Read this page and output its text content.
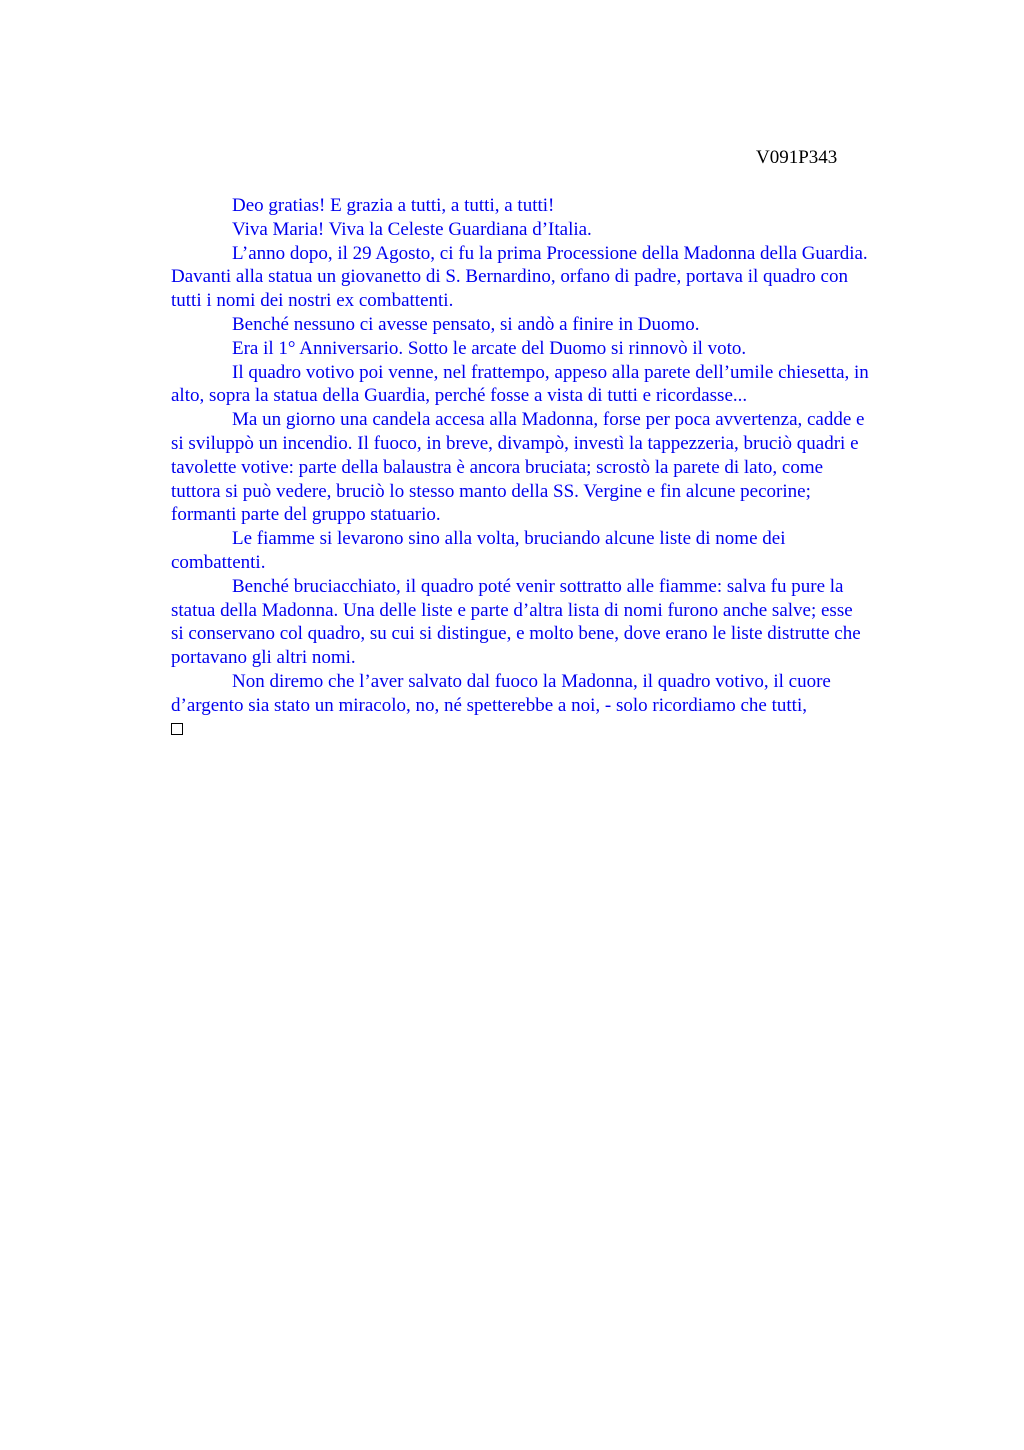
V091P343

Deo gratias! E grazia a tutti, a tutti, a tutti!

Viva Maria! Viva la Celeste Guardiana d’Italia.

L’anno dopo, il 29 Agosto, ci fu la prima Processione della Madonna della Guardia.
Davanti alla statua un giovanetto di S. Bernardino, orfano di padre, portava il quadro con
tutti i nomi dei nostri ex combattenti.

Benché nessuno ci avesse pensato, si andò a finire in Duomo.

Era il 1° Anniversario. Sotto le arcate del Duomo si rinnovò il voto.

Il quadro votivo poi venne, nel frattempo, appeso alla parete dell’umile chiesetta, in
alto, sopra la statua della Guardia, perché fosse a vista di tutti e ricordasse...

Ma un giorno una candela accesa alla Madonna, forse per poca avvertenza, cadde e
si sviluppò un incendio. Il fuoco, in breve, divampò, investì la tappezzeria, bruciò quadri e
tavolette votive: parte della balaustra è ancora bruciata; scrostò la parete di lato, come
tuttora si può vedere, bruciò lo stesso manto della SS. Vergine e fin alcune pecorine;
formanti parte del gruppo statuario.

Le fiamme si levarono sino alla volta, bruciando alcune liste di nome dei
combattenti.

Benché bruciacchiato, il quadro poté venir sottratto alle fiamme: salva fu pure la
statua della Madonna. Una delle liste e parte d’altra lista di nomi furono anche salve; esse
si conservano col quadro, su cui si distingue, e molto bene, dove erano le liste distrutte che
portavano gli altri nomi.

Non diremo che l’aver salvato dal fuoco la Madonna, il quadro votivo, il cuore
d’argento sia stato un miracolo, no, né spetterebbe a noi, - solo ricordiamo che tutti,
